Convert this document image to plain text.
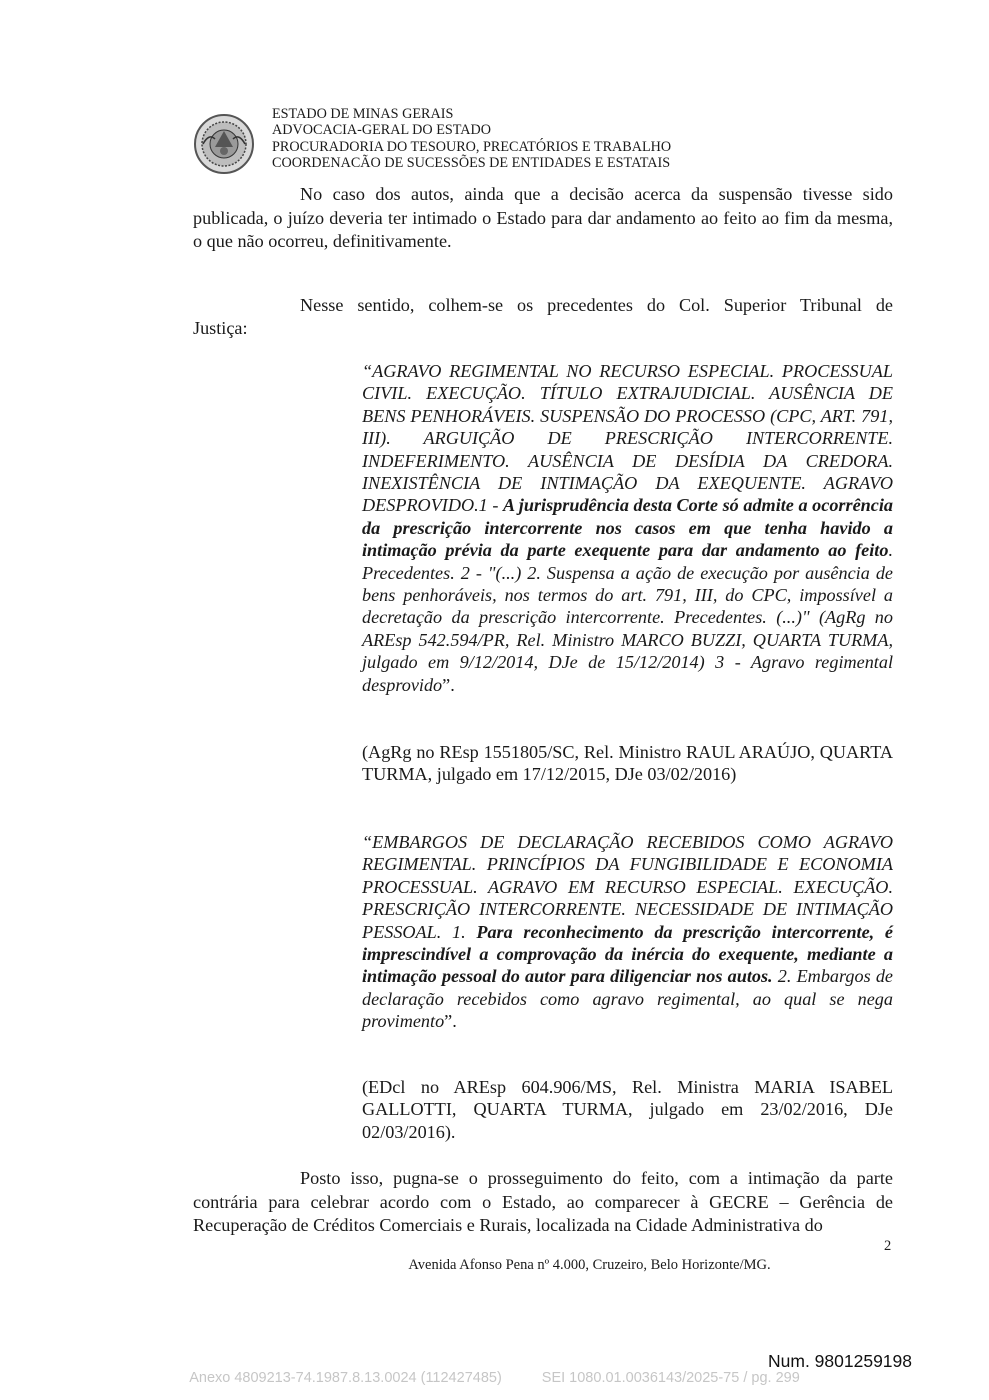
ESTADO DE MINAS GERAIS
ADVOCACIA-GERAL DO ESTADO
PROCURADORIA DO TESOURO, PRECATÓRIOS E TRABALHO
COORDENACÃO DE SUCESSÕES DE ENTIDADES E ESTATAIS
No caso dos autos, ainda que a decisão acerca da suspensão tivesse sido publicada, o juízo deveria ter intimado o Estado para dar andamento ao feito ao fim da mesma, o que não ocorreu, definitivamente.
Nesse sentido, colhem-se os precedentes do Col. Superior Tribunal de
Justiça:
“AGRAVO REGIMENTAL NO RECURSO ESPECIAL. PROCESSUAL CIVIL. EXECUÇÃO. TÍTULO EXTRAJUDICIAL. AUSÊNCIA DE BENS PENHORÁVEIS. SUSPENSÃO DO PROCESSO (CPC, ART. 791, III). ARGUIÇÃO DE PRESCRIÇÃO INTERCORRENTE. INDEFERIMENTO. AUSÊNCIA DE DESÍDIA DA CREDORA. INEXISTÊNCIA DE INTIMAÇÃO DA EXEQUENTE. AGRAVO DESPROVIDO.1 - A jurisprudência desta Corte só admite a ocorrência da prescrição intercorrente nos casos em que tenha havido a intimação prévia da parte exequente para dar andamento ao feito. Precedentes. 2 - "(...) 2. Suspensa a ação de execução por ausência de bens penhoráveis, nos termos do art. 791, III, do CPC, impossível a decretação da prescrição intercorrente. Precedentes. (...)" (AgRg no AREsp 542.594/PR, Rel. Ministro MARCO BUZZI, QUARTA TURMA, julgado em 9/12/2014, DJe de 15/12/2014) 3 - Agravo regimental desprovido”.
(AgRg no REsp 1551805/SC, Rel. Ministro RAUL ARAÚJO, QUARTA TURMA, julgado em 17/12/2015, DJe 03/02/2016)
“EMBARGOS DE DECLARAÇÃO RECEBIDOS COMO AGRAVO REGIMENTAL. PRINCÍPIOS DA FUNGIBILIDADE E ECONOMIA PROCESSUAL. AGRAVO EM RECURSO ESPECIAL. EXECUÇÃO. PRESCRIÇÃO INTERCORRENTE. NECESSIDADE DE INTIMAÇÃO PESSOAL. 1. Para reconhecimento da prescrição intercorrente, é imprescindível a comprovação da inércia do exequente, mediante a intimação pessoal do autor para diligenciar nos autos. 2. Embargos de declaração recebidos como agravo regimental, ao qual se nega provimento”.
(EDcl no AREsp 604.906/MS, Rel. Ministra MARIA ISABEL GALLOTTI, QUARTA TURMA, julgado em 23/02/2016, DJe 02/03/2016).
Posto isso, pugna-se o prosseguimento do feito, com a intimação da parte contrária para celebrar acordo com o Estado, ao comparecer à GECRE – Gerência de Recuperação de Créditos Comerciais e Rurais, localizada na Cidade Administrativa do
2
Avenida Afonso Pena nº 4.000, Cruzeiro, Belo Horizonte/MG.
Num. 9801259198
Anexo 4809213-74.1987.8.13.0024 (112427485)	SEI 1080.01.0036143/2025-75 / pg. 299
